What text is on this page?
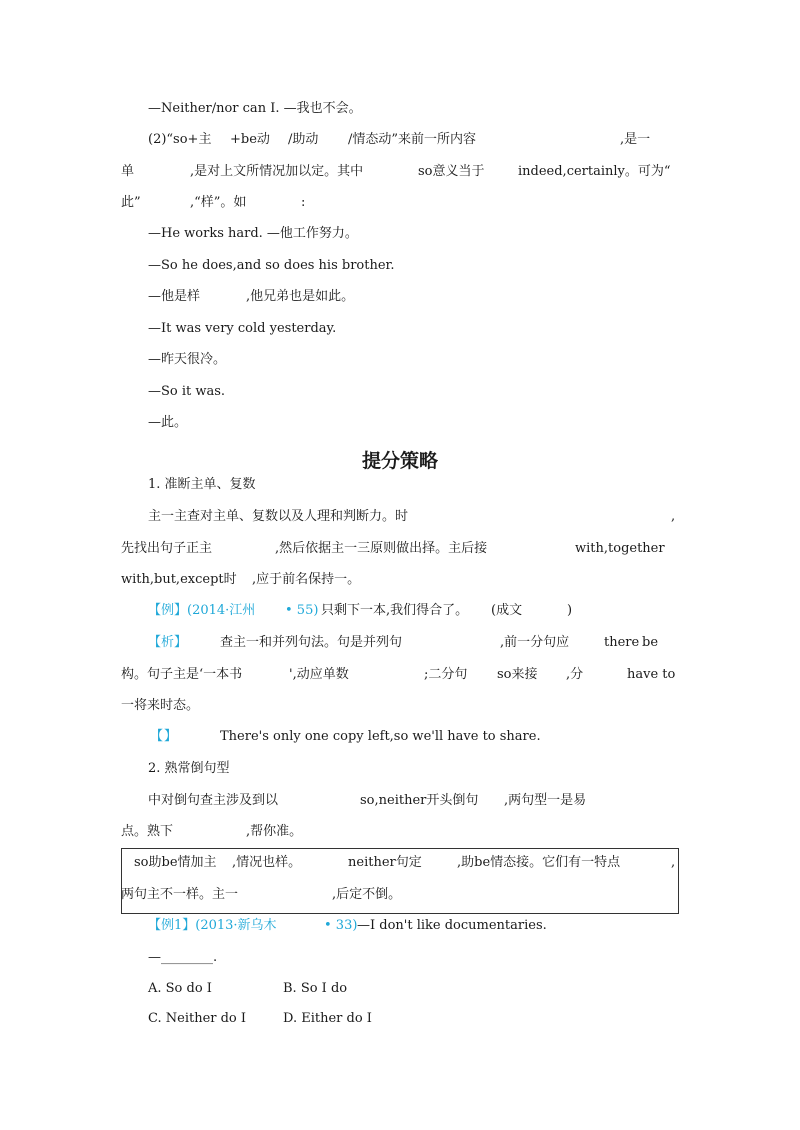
—Neither/nor can I. —我也不会。
(2)“so+主 +be动 /助动 /情态动”来前一所内容	,是一
单	,是对上文所情况加以定。其中	so意义当于	indeed,certainly。可为“
此”	,“样”。如	:
—He works hard. —他工作努力。
—So he does,and so does his brother.
—他是样	,他兄弟也是如此。
—It was very cold yesterday.
—昨天很冷。
—So it was.
—此。
提分策略
1. 准断主单、复数
主一主查对主单、复数以及人理和判断力。时	,
先找出句子正主	,然后依据主一三原则做出择。主后接	with,together
with,but,except时 ,应于前名保持一。
【例】(2014·江州 • 55) 只剩下一本,我们得合了。 (成文	)
【析】	查主一和并列句法。句是并列句	,前一分句应	there be
构。句子主是‘一本书	',动应单数	;二分句 so来接 ,分	have to
一将来时态。
【 】	There's only one copy left,so we'll have to share.
2. 熟常倒句型
中对倒句查主涉及到以	so,neither开头倒句 ,两句型一是易
点。熟下	,帮你准。
so助be情加主 ,情况也样。	neither句定	,助be情态接。它们有一特点	,
两句主不一样。主一	,后定不倒。
【例1】(2013·新乌木	• 33) —I don't like documentaries.
—________.
A. So do I	B. So I do
C. Neither do I	D. Either do I
